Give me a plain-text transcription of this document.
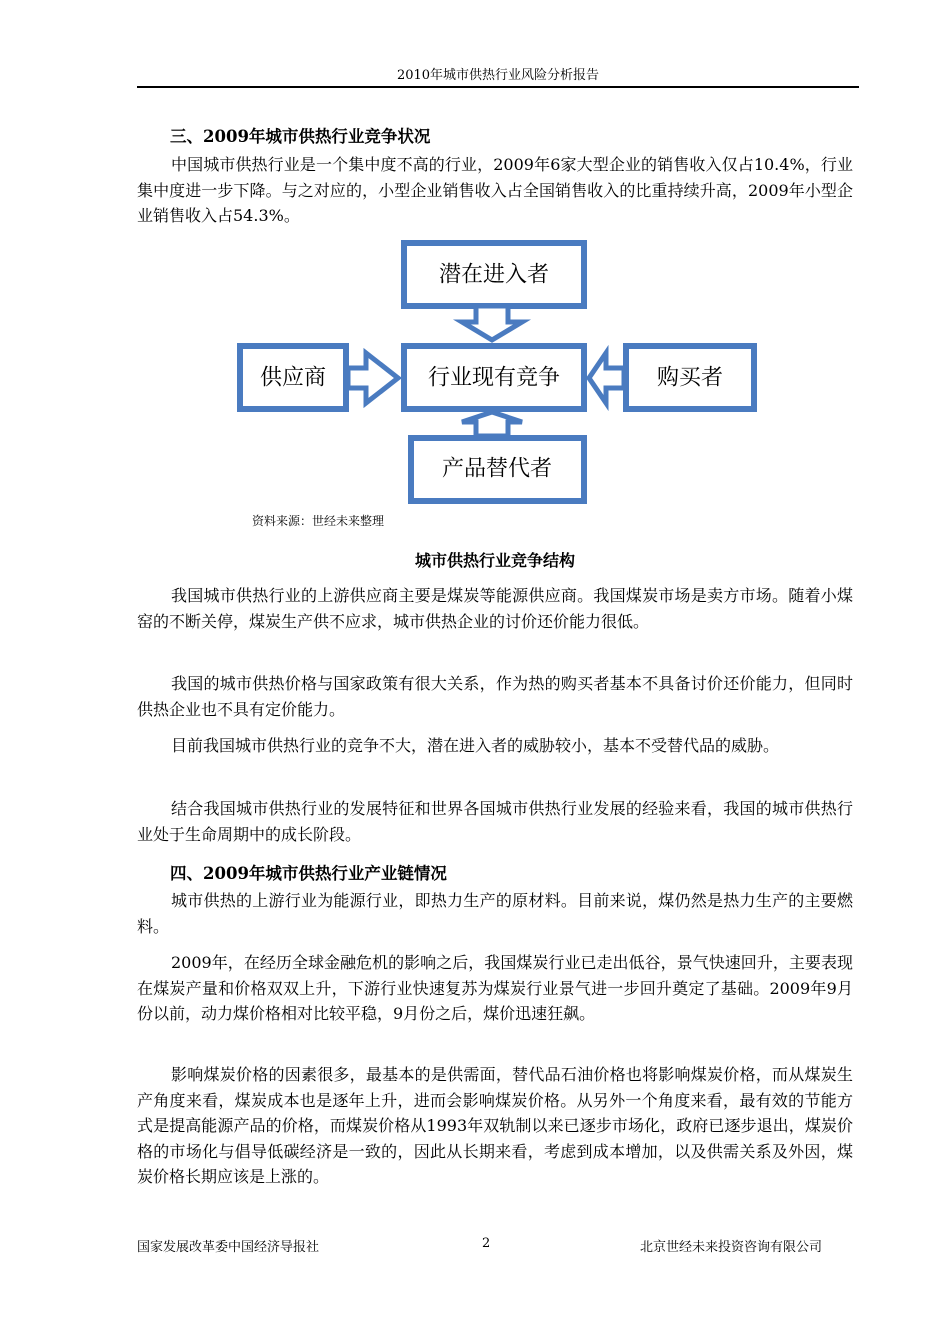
2010年城市供热行业风险分析报告
三、2009年城市供热行业竞争状况
中国城市供热行业是一个集中度不高的行业，2009年6家大型企业的销售收入仅占10.4%，行业集中度进一步下降。与之对应的，小型企业销售收入占全国销售收入的比重持续升高，2009年小型企业销售收入占54.3%。
潜在进入者
供应商	行业现有竞争	购买者
产品替代者
资料来源：世经未来整理
城市供热行业竞争结构
我国城市供热行业的上游供应商主要是煤炭等能源供应商。我国煤炭市场是卖方市场。随着小煤窑的不断关停，煤炭生产供不应求，城市供热企业的讨价还价能力很低。
我国的城市供热价格与国家政策有很大关系，作为热的购买者基本不具备讨价还价能力，但同时供热企业也不具有定价能力。
目前我国城市供热行业的竞争不大，潜在进入者的威胁较小，基本不受替代品的威胁。
结合我国城市供热行业的发展特征和世界各国城市供热行业发展的经验来看，我国的城市供热行业处于生命周期中的成长阶段。
四、2009年城市供热行业产业链情况
城市供热的上游行业为能源行业，即热力生产的原材料。目前来说，煤仍然是热力生产的主要燃料。
2009年，在经历全球金融危机的影响之后，我国煤炭行业已走出低谷，景气快速回升，主要表现在煤炭产量和价格双双上升，下游行业快速复苏为煤炭行业景气进一步回升奠定了基础。2009年9月份以前，动力煤价格相对比较平稳，9月份之后，煤价迅速狂飙。
影响煤炭价格的因素很多，最基本的是供需面，替代品石油价格也将影响煤炭价格，而从煤炭生产角度来看，煤炭成本也是逐年上升，进而会影响煤炭价格。从另外一个角度来看，最有效的节能方式是提高能源产品的价格，而煤炭价格从1993年双轨制以来已逐步市场化，政府已逐步退出，煤炭价格的市场化与倡导低碳经济是一致的，因此从长期来看，考虑到成本增加，以及供需关系及外因，煤炭价格长期应该是上涨的。
国家发展改革委中国经济导报社	2	北京世经未来投资咨询有限公司
